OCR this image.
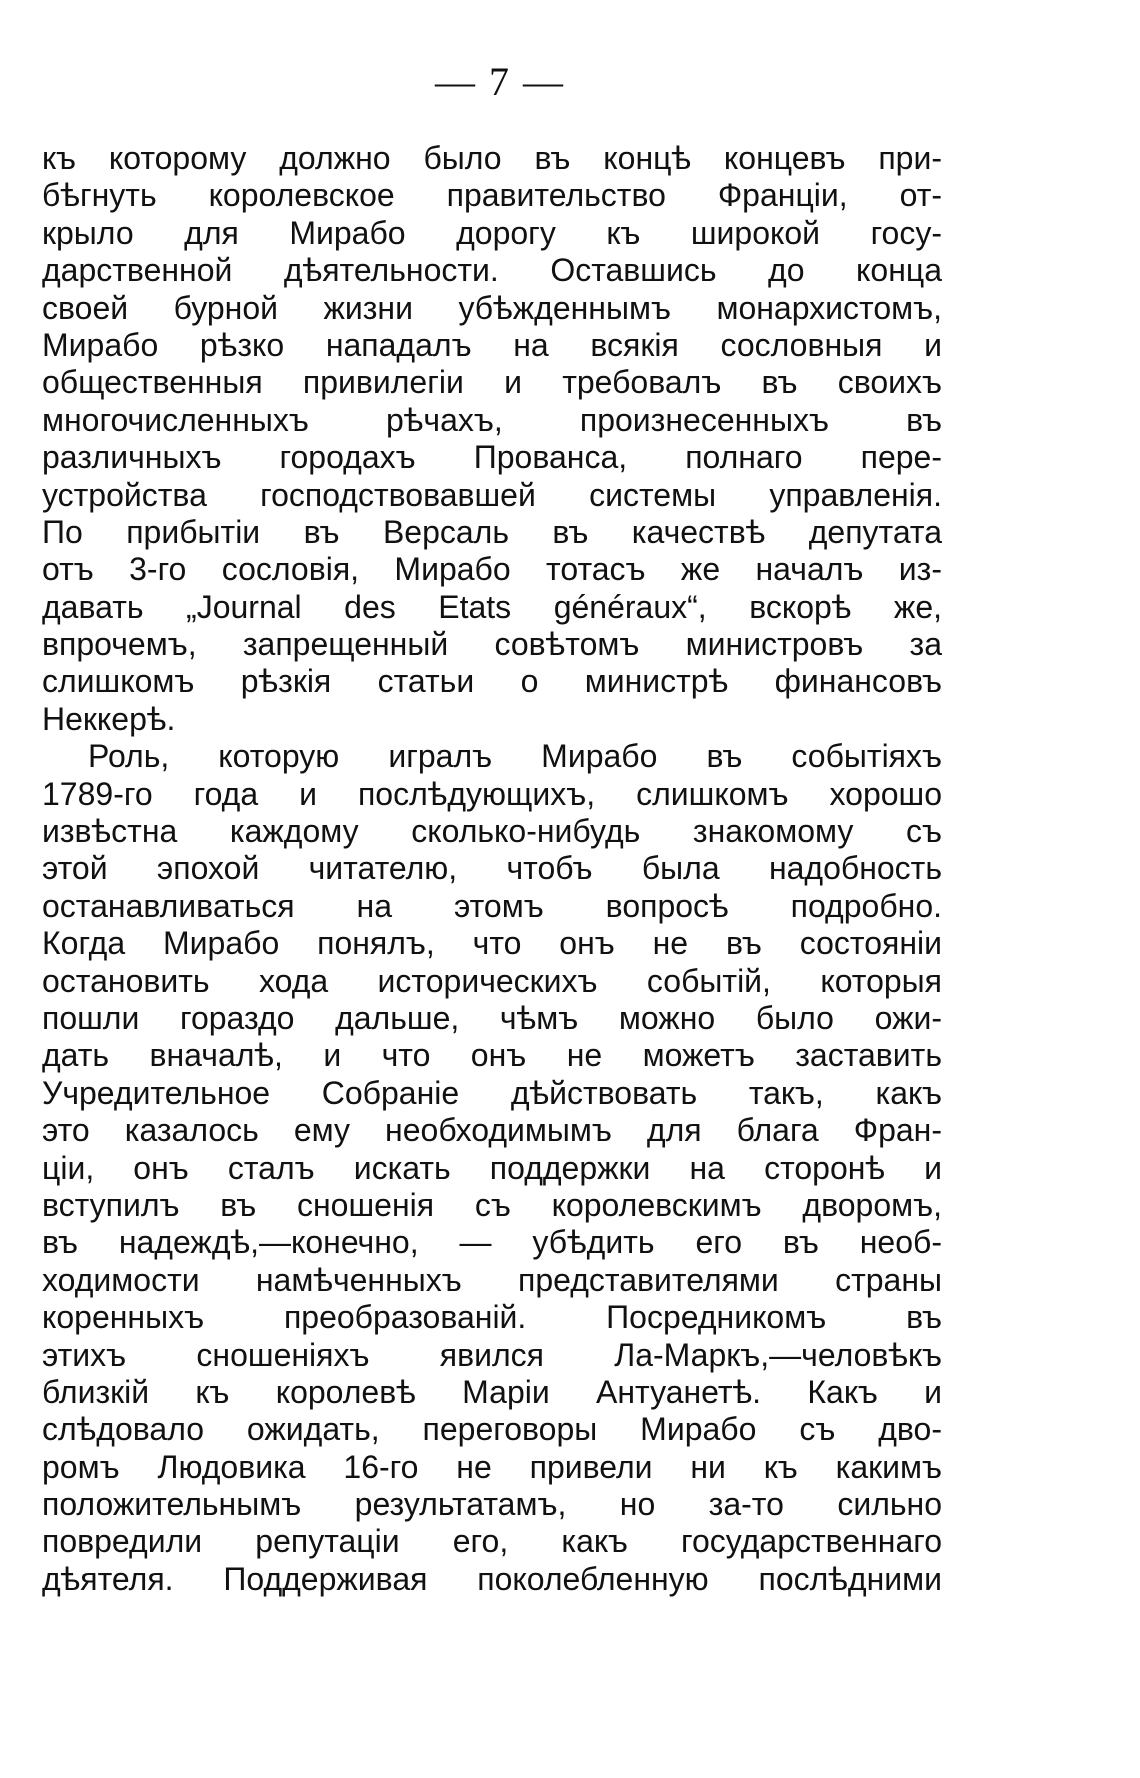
— 7 —
къ которому должно было въ концѣ концевъ при-
бѣгнуть королевское правительство Франціи, от-
крыло для Мирабо дорогу къ широкой госу-
дарственной дѣятельности. Оставшись до конца
своей бурной жизни убѣжденнымъ монархистомъ,
Мирабо рѣзко нападалъ на всякія сословныя и
общественныя привилегіи и требовалъ въ своихъ
многочисленныхъ рѣчахъ, произнесенныхъ въ
различныхъ городахъ Прованса, полнаго пере-
устройства господствовавшей системы управленія.
По прибытіи въ Версаль въ качествѣ депутата
отъ 3-го сословія, Мирабо тотасъ же началъ из-
давать „Journal des Etats généraux“, вскорѣ же,
впрочемъ, запрещенный совѣтомъ министровъ за
слишкомъ рѣзкія статьи о министрѣ финансовъ
Неккерѣ.
Роль, которую игралъ Мирабо въ событіяхъ
1789-го года и послѣдующихъ, слишкомъ хорошо
извѣстна каждому сколько-нибудь знакомому съ
этой эпохой читателю, чтобъ была надобность
останавливаться на этомъ вопросѣ подробно.
Когда Мирабо понялъ, что онъ не въ состояніи
остановить хода историческихъ событій, которыя
пошли гораздо дальше, чѣмъ можно было ожи-
дать вначалѣ, и что онъ не можетъ заставить
Учредительное Собраніе дѣйствовать такъ, какъ
это казалось ему необходимымъ для блага Фран-
ціи, онъ сталъ искать поддержки на сторонѣ и
вступилъ въ сношенія съ королевскимъ дворомъ,
въ надеждѣ,—конечно, — убѣдить его въ необ-
ходимости намѣченныхъ представителями страны
коренныхъ преобразованій. Посредникомъ въ
этихъ сношеніяхъ явился Ла-Маркъ,—человѣкъ
близкій къ королевѣ Маріи Антуанетѣ. Какъ и
слѣдовало ожидать, переговоры Мирабо съ дво-
ромъ Людовика 16-го не привели ни къ какимъ
положительнымъ результатамъ, но за-то сильно
повредили репутаціи его, какъ государственнаго
дѣятеля. Поддерживая поколебленную послѣдними
